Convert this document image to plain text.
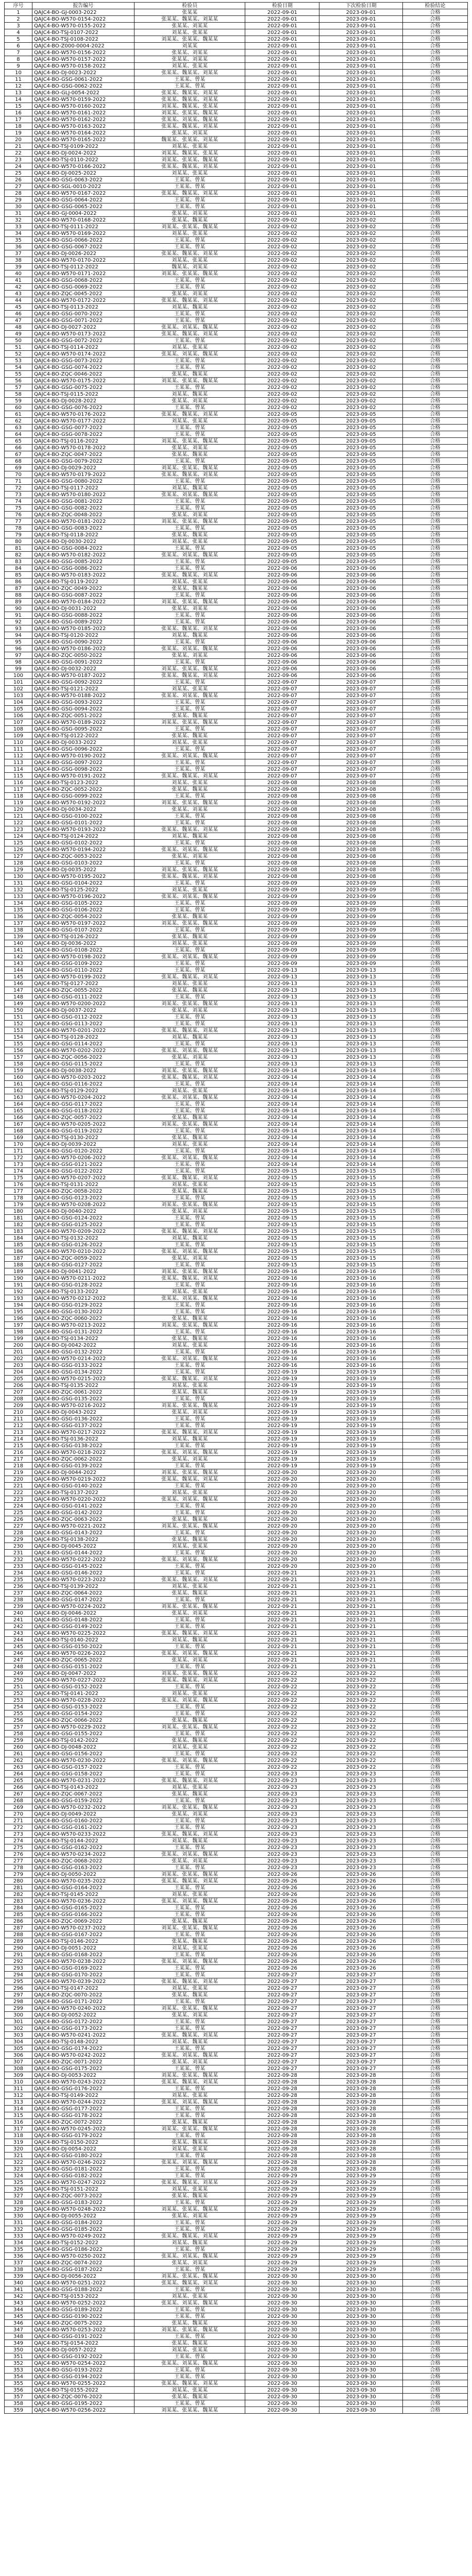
序号	报告编号	检验员	检验日期	下次检验日期	检验结论
1	QAJC4-BO-GJ-0003-2022	张某某	2022-09-01	2023-09-01	合格
2	QAJC4-BO-W570-0154-2022	张某某、魏某某、刘某某	2022-09-01	2023-09-01	合格
3	QAJC4-BO-W570-0155-2022	张某某、刘某某	2022-09-01	2023-09-01	合格
4	QAJC4-BO-TSJ-0107-2022	刘某某、张某某	2022-09-01	2023-09-01	合格
5	QAJC4-BO-TSJ-0108-2022	刘某某、张某某、魏某某	2022-09-01	2023-09-01	合格
6	QAJC4-BO-Z000-0004-2022	刘某某	2022-09-01	2023-09-01	合格
7	QAJC4-BO-W570-0156-2022	张某某、刘某某	2022-09-01	2023-09-01	合格
8	QAJC4-BO-W570-0157-2022	张某某、刘某某	2022-09-01	2023-09-01	合格
9	QAJC4-BO-W570-0158-2022	刘某某、张某某	2022-09-01	2023-09-01	合格
10	QAJC4-BO-DJ-0023-2022	张某某、魏某某、刘某某	2022-09-01	2023-09-01	合格
11	QAJC4-BO-GSG-0061-2022	王某某、曾某	2022-09-01	2023-09-01	合格
12	QAJC4-BO-GSG-0062-2022	王某某、曾某	2022-09-01	2023-09-01	合格
13	QAJC4-BO-GLJ-0054-2022	张某某、魏某某、刘某某	2022-09-01	2023-09-01	合格
14	QAJC4-BO-W570-0159-2022	张某某、魏某某、刘某某	2022-09-01	2023-09-01	合格
15	QAJC4-BO-W570-0160-2022	刘某某、魏某某、张某某	2022-09-01	2023-09-01	合格
16	QAJC4-BO-W570-0161-2022	刘某某、张某某、魏某某	2022-09-01	2023-09-01	合格
17	QAJC4-BO-W570-0162-2022	张某某、刘某某、魏某某	2022-09-01	2023-09-01	合格
18	QAJC4-BO-W570-0163-2022	张某某、魏某某、刘某某	2022-09-01	2023-09-01	合格
19	QAJC4-BO-W570-0164-2022	张某某、刘某某	2022-09-01	2023-09-01	合格
20	QAJC4-BO-W570-0165-2022	魏某某、张某某、刘某某	2022-09-01	2023-09-01	合格
21	QAJC4-BO-TSJ-0109-2022	刘某某、张某某	2022-09-01	2023-09-01	合格
22	QAJC4-BO-DJ-0024-2022	刘某某、魏某某、张某某	2022-09-01	2023-09-01	合格
23	QAJC4-BO-TSJ-0110-2022	刘某某、张某某、魏某某	2022-09-01	2023-09-01	合格
24	QAJC4-BO-W570-0166-2022	张某某、魏某某、刘某某	2022-09-01	2023-09-01	合格
25	QAJC4-BO-DJ-0025-2022	刘某某、张某某	2022-09-01	2023-09-01	合格
26	QAJC4-BO-GSG-0063-2022	王某某、曾某	2022-09-01	2023-09-01	合格
27	QAJC4-BO-SGL-0010-2022	王某某、曾某	2022-09-01	2023-09-01	合格
28	QAJC4-BO-W570-0167-2022	张某某、魏某某、刘某某	2022-09-01	2023-09-01	合格
29	QAJC4-BO-GSG-0064-2022	王某某、曾某	2022-09-01	2023-09-01	合格
30	QAJC4-BO-GSG-0065-2022	王某某、曾某	2022-09-01	2023-09-01	合格
31	QAJC4-BO-GJ-0004-2022	张某某、刘某某	2022-09-01	2023-09-01	合格
32	QAJC4-BO-W570-0168-2022	张某某、魏某某	2022-09-02	2023-09-02	合格
33	QAJC4-BO-TSJ-0111-2022	刘某某、张某某、魏某某	2022-09-02	2023-09-02	合格
34	QAJC4-BO-W570-0169-2022	刘某某、张某某	2022-09-02	2023-09-02	合格
35	QAJC4-BO-GSG-0066-2022	王某某、曾某	2022-09-02	2023-09-02	合格
36	QAJC4-BO-GSG-0067-2022	王某某、曾某	2022-09-02	2023-09-02	合格
37	QAJC4-BO-DJ-0026-2022	张某某、魏某某、刘某某	2022-09-02	2023-09-02	合格
38	QAJC4-BO-W570-0170-2022	刘某某、张某某	2022-09-02	2023-09-02	合格
39	QAJC4-BO-TSJ-0112-2022	魏某某、刘某某	2022-09-02	2023-09-02	合格
40	QAJC4-BO-W570-0171-2022	刘某某、张某某、魏某某	2022-09-02	2023-09-02	合格
41	QAJC4-BO-GSG-0068-2022	王某某、曾某	2022-09-02	2023-09-02	合格
42	QAJC4-BO-GSG-0069-2022	王某某、曾某	2022-09-02	2023-09-02	合格
43	QAJC4-BO-ZQC-0045-2022	张某某、刘某某	2022-09-02	2023-09-02	合格
44	QAJC4-BO-W570-0172-2022	张某某、魏某某、刘某某	2022-09-02	2023-09-02	合格
45	QAJC4-BO-TSJ-0113-2022	刘某某、魏某某	2022-09-02	2023-09-02	合格
46	QAJC4-BO-GSG-0070-2022	王某某、曾某	2022-09-02	2023-09-02	合格
47	QAJC4-BO-GSG-0071-2022	王某某、曾某	2022-09-02	2023-09-02	合格
48	QAJC4-BO-DJ-0027-2022	张某某、刘某某、魏某某	2022-09-02	2023-09-02	合格
49	QAJC4-BO-W570-0173-2022	张某某、魏某某、刘某某	2022-09-02	2023-09-02	合格
50	QAJC4-BO-GSG-0072-2022	王某某、曾某	2022-09-02	2023-09-02	合格
51	QAJC4-BO-TSJ-0114-2022	刘某某、张某某	2022-09-02	2023-09-02	合格
52	QAJC4-BO-W570-0174-2022	张某某、刘某某、魏某某	2022-09-02	2023-09-02	合格
53	QAJC4-BO-GSG-0073-2022	王某某、曾某	2022-09-02	2023-09-02	合格
54	QAJC4-BO-GSG-0074-2022	王某某、曾某	2022-09-02	2023-09-02	合格
55	QAJC4-BO-ZQC-0046-2022	张某某、魏某某	2022-09-02	2023-09-02	合格
56	QAJC4-BO-W570-0175-2022	刘某某、张某某、魏某某	2022-09-02	2023-09-02	合格
57	QAJC4-BO-GSG-0075-2022	王某某、曾某	2022-09-02	2023-09-02	合格
58	QAJC4-BO-TSJ-0115-2022	刘某某、魏某某	2022-09-02	2023-09-02	合格
59	QAJC4-BO-DJ-0028-2022	张某某、刘某某	2022-09-02	2023-09-02	合格
60	QAJC4-BO-GSG-0076-2022	王某某、曾某	2022-09-02	2023-09-02	合格
61	QAJC4-BO-W570-0176-2022	张某某、魏某某、刘某某	2022-09-05	2023-09-05	合格
62	QAJC4-BO-W570-0177-2022	刘某某、张某某	2022-09-05	2023-09-05	合格
63	QAJC4-BO-GSG-0077-2022	王某某、曾某	2022-09-05	2023-09-05	合格
64	QAJC4-BO-GSG-0078-2022	王某某、曾某	2022-09-05	2023-09-05	合格
65	QAJC4-BO-TSJ-0116-2022	刘某某、张某某、魏某某	2022-09-05	2023-09-05	合格
66	QAJC4-BO-W570-0178-2022	张某某、刘某某	2022-09-05	2023-09-05	合格
67	QAJC4-BO-ZQC-0047-2022	张某某、魏某某	2022-09-05	2023-09-05	合格
68	QAJC4-BO-GSG-0079-2022	王某某、曾某	2022-09-05	2023-09-05	合格
69	QAJC4-BO-DJ-0029-2022	刘某某、张某某、魏某某	2022-09-05	2023-09-05	合格
70	QAJC4-BO-W570-0179-2022	张某某、魏某某、刘某某	2022-09-05	2023-09-05	合格
71	QAJC4-BO-GSG-0080-2022	王某某、曾某	2022-09-05	2023-09-05	合格
72	QAJC4-BO-TSJ-0117-2022	刘某某、魏某某	2022-09-05	2023-09-05	合格
73	QAJC4-BO-W570-0180-2022	张某某、刘某某、魏某某	2022-09-05	2023-09-05	合格
74	QAJC4-BO-GSG-0081-2022	王某某、曾某	2022-09-05	2023-09-05	合格
75	QAJC4-BO-GSG-0082-2022	王某某、曾某	2022-09-05	2023-09-05	合格
76	QAJC4-BO-ZQC-0048-2022	张某某、刘某某	2022-09-05	2023-09-05	合格
77	QAJC4-BO-W570-0181-2022	刘某某、张某某、魏某某	2022-09-05	2023-09-05	合格
78	QAJC4-BO-GSG-0083-2022	王某某、曾某	2022-09-05	2023-09-05	合格
79	QAJC4-BO-TSJ-0118-2022	张某某、魏某某	2022-09-05	2023-09-05	合格
80	QAJC4-BO-DJ-0030-2022	刘某某、张某某	2022-09-05	2023-09-05	合格
81	QAJC4-BO-GSG-0084-2022	王某某、曾某	2022-09-05	2023-09-05	合格
82	QAJC4-BO-W570-0182-2022	张某某、刘某某、魏某某	2022-09-05	2023-09-05	合格
83	QAJC4-BO-GSG-0085-2022	王某某、曾某	2022-09-05	2023-09-05	合格
84	QAJC4-BO-GSG-0086-2022	王某某、曾某	2022-09-06	2023-09-06	合格
85	QAJC4-BO-W570-0183-2022	张某某、魏某某、刘某某	2022-09-06	2023-09-06	合格
86	QAJC4-BO-TSJ-0119-2022	刘某某、张某某	2022-09-06	2023-09-06	合格
87	QAJC4-BO-ZQC-0049-2022	张某某、魏某某	2022-09-06	2023-09-06	合格
88	QAJC4-BO-GSG-0087-2022	王某某、曾某	2022-09-06	2023-09-06	合格
89	QAJC4-BO-W570-0184-2022	刘某某、张某某、魏某某	2022-09-06	2023-09-06	合格
90	QAJC4-BO-DJ-0031-2022	张某某、刘某某	2022-09-06	2023-09-06	合格
91	QAJC4-BO-GSG-0088-2022	王某某、曾某	2022-09-06	2023-09-06	合格
92	QAJC4-BO-GSG-0089-2022	王某某、曾某	2022-09-06	2023-09-06	合格
93	QAJC4-BO-W570-0185-2022	张某某、魏某某、刘某某	2022-09-06	2023-09-06	合格
94	QAJC4-BO-TSJ-0120-2022	刘某某、魏某某	2022-09-06	2023-09-06	合格
95	QAJC4-BO-GSG-0090-2022	王某某、曾某	2022-09-06	2023-09-06	合格
96	QAJC4-BO-W570-0186-2022	张某某、刘某某、魏某某	2022-09-06	2023-09-06	合格
97	QAJC4-BO-ZQC-0050-2022	张某某、刘某某	2022-09-06	2023-09-06	合格
98	QAJC4-BO-GSG-0091-2022	王某某、曾某	2022-09-06	2023-09-06	合格
99	QAJC4-BO-DJ-0032-2022	刘某某、张某某、魏某某	2022-09-06	2023-09-06	合格
100	QAJC4-BO-W570-0187-2022	张某某、魏某某、刘某某	2022-09-06	2023-09-06	合格
101	QAJC4-BO-GSG-0092-2022	王某某、曾某	2022-09-07	2023-09-07	合格
102	QAJC4-BO-TSJ-0121-2022	刘某某、张某某	2022-09-07	2023-09-07	合格
103	QAJC4-BO-W570-0188-2022	张某某、刘某某、魏某某	2022-09-07	2023-09-07	合格
104	QAJC4-BO-GSG-0093-2022	王某某、曾某	2022-09-07	2023-09-07	合格
105	QAJC4-BO-GSG-0094-2022	王某某、曾某	2022-09-07	2023-09-07	合格
106	QAJC4-BO-ZQC-0051-2022	张某某、魏某某	2022-09-07	2023-09-07	合格
107	QAJC4-BO-W570-0189-2022	刘某某、张某某、魏某某	2022-09-07	2023-09-07	合格
108	QAJC4-BO-GSG-0095-2022	王某某、曾某	2022-09-07	2023-09-07	合格
109	QAJC4-BO-TSJ-0122-2022	张某某、魏某某	2022-09-07	2023-09-07	合格
110	QAJC4-BO-DJ-0033-2022	刘某某、张某某	2022-09-07	2023-09-07	合格
111	QAJC4-BO-GSG-0096-2022	王某某、曾某	2022-09-07	2023-09-07	合格
112	QAJC4-BO-W570-0190-2022	张某某、刘某某、魏某某	2022-09-07	2023-09-07	合格
113	QAJC4-BO-GSG-0097-2022	王某某、曾某	2022-09-07	2023-09-07	合格
114	QAJC4-BO-GSG-0098-2022	王某某、曾某	2022-09-07	2023-09-07	合格
115	QAJC4-BO-W570-0191-2022	张某某、魏某某、刘某某	2022-09-07	2023-09-07	合格
116	QAJC4-BO-TSJ-0123-2022	刘某某、张某某	2022-09-08	2023-09-08	合格
117	QAJC4-BO-ZQC-0052-2022	张某某、魏某某	2022-09-08	2023-09-08	合格
118	QAJC4-BO-GSG-0099-2022	王某某、曾某	2022-09-08	2023-09-08	合格
119	QAJC4-BO-W570-0192-2022	刘某某、张某某、魏某某	2022-09-08	2023-09-08	合格
120	QAJC4-BO-DJ-0034-2022	张某某、刘某某	2022-09-08	2023-09-08	合格
121	QAJC4-BO-GSG-0100-2022	王某某、曾某	2022-09-08	2023-09-08	合格
122	QAJC4-BO-GSG-0101-2022	王某某、曾某	2022-09-08	2023-09-08	合格
123	QAJC4-BO-W570-0193-2022	张某某、魏某某、刘某某	2022-09-08	2023-09-08	合格
124	QAJC4-BO-TSJ-0124-2022	刘某某、魏某某	2022-09-08	2023-09-08	合格
125	QAJC4-BO-GSG-0102-2022	王某某、曾某	2022-09-08	2023-09-08	合格
126	QAJC4-BO-W570-0194-2022	张某某、刘某某、魏某某	2022-09-08	2023-09-08	合格
127	QAJC4-BO-ZQC-0053-2022	张某某、刘某某	2022-09-08	2023-09-08	合格
128	QAJC4-BO-GSG-0103-2022	王某某、曾某	2022-09-08	2023-09-08	合格
129	QAJC4-BO-DJ-0035-2022	刘某某、张某某、魏某某	2022-09-08	2023-09-08	合格
130	QAJC4-BO-W570-0195-2022	张某某、魏某某、刘某某	2022-09-08	2023-09-08	合格
131	QAJC4-BO-GSG-0104-2022	王某某、曾某	2022-09-09	2023-09-09	合格
132	QAJC4-BO-TSJ-0125-2022	刘某某、张某某	2022-09-09	2023-09-09	合格
133	QAJC4-BO-W570-0196-2022	张某某、刘某某、魏某某	2022-09-09	2023-09-09	合格
134	QAJC4-BO-GSG-0105-2022	王某某、曾某	2022-09-09	2023-09-09	合格
135	QAJC4-BO-GSG-0106-2022	王某某、曾某	2022-09-09	2023-09-09	合格
136	QAJC4-BO-ZQC-0054-2022	张某某、魏某某	2022-09-09	2023-09-09	合格
137	QAJC4-BO-W570-0197-2022	刘某某、张某某、魏某某	2022-09-09	2023-09-09	合格
138	QAJC4-BO-GSG-0107-2022	王某某、曾某	2022-09-09	2023-09-09	合格
139	QAJC4-BO-TSJ-0126-2022	张某某、魏某某	2022-09-09	2023-09-09	合格
140	QAJC4-BO-DJ-0036-2022	刘某某、张某某	2022-09-09	2023-09-09	合格
141	QAJC4-BO-GSG-0108-2022	王某某、曾某	2022-09-09	2023-09-09	合格
142	QAJC4-BO-W570-0198-2022	张某某、刘某某、魏某某	2022-09-09	2023-09-09	合格
143	QAJC4-BO-GSG-0109-2022	王某某、曾某	2022-09-09	2023-09-09	合格
144	QAJC4-BO-GSG-0110-2022	王某某、曾某	2022-09-13	2023-09-13	合格
145	QAJC4-BO-W570-0199-2022	张某某、魏某某、刘某某	2022-09-13	2023-09-13	合格
146	QAJC4-BO-TSJ-0127-2022	刘某某、张某某	2022-09-13	2023-09-13	合格
147	QAJC4-BO-ZQC-0055-2022	张某某、魏某某	2022-09-13	2023-09-13	合格
148	QAJC4-BO-GSG-0111-2022	王某某、曾某	2022-09-13	2023-09-13	合格
149	QAJC4-BO-W570-0200-2022	刘某某、张某某、魏某某	2022-09-13	2023-09-13	合格
150	QAJC4-BO-DJ-0037-2022	张某某、刘某某	2022-09-13	2023-09-13	合格
151	QAJC4-BO-GSG-0112-2022	王某某、曾某	2022-09-13	2023-09-13	合格
152	QAJC4-BO-GSG-0113-2022	王某某、曾某	2022-09-13	2023-09-13	合格
153	QAJC4-BO-W570-0201-2022	张某某、魏某某、刘某某	2022-09-13	2023-09-13	合格
154	QAJC4-BO-TSJ-0128-2022	刘某某、魏某某	2022-09-13	2023-09-13	合格
155	QAJC4-BO-GSG-0114-2022	王某某、曾某	2022-09-13	2023-09-13	合格
156	QAJC4-BO-W570-0202-2022	张某某、刘某某、魏某某	2022-09-13	2023-09-13	合格
157	QAJC4-BO-ZQC-0056-2022	张某某、刘某某	2022-09-13	2023-09-13	合格
158	QAJC4-BO-GSG-0115-2022	王某某、曾某	2022-09-13	2023-09-13	合格
159	QAJC4-BO-DJ-0038-2022	刘某某、张某某、魏某某	2022-09-14	2023-09-14	合格
160	QAJC4-BO-W570-0203-2022	张某某、魏某某、刘某某	2022-09-14	2023-09-14	合格
161	QAJC4-BO-GSG-0116-2022	王某某、曾某	2022-09-14	2023-09-14	合格
162	QAJC4-BO-TSJ-0129-2022	刘某某、张某某	2022-09-14	2023-09-14	合格
163	QAJC4-BO-W570-0204-2022	张某某、刘某某、魏某某	2022-09-14	2023-09-14	合格
164	QAJC4-BO-GSG-0117-2022	王某某、曾某	2022-09-14	2023-09-14	合格
165	QAJC4-BO-GSG-0118-2022	王某某、曾某	2022-09-14	2023-09-14	合格
166	QAJC4-BO-ZQC-0057-2022	张某某、魏某某	2022-09-14	2023-09-14	合格
167	QAJC4-BO-W570-0205-2022	刘某某、张某某、魏某某	2022-09-14	2023-09-14	合格
168	QAJC4-BO-GSG-0119-2022	王某某、曾某	2022-09-14	2023-09-14	合格
169	QAJC4-BO-TSJ-0130-2022	张某某、魏某某	2022-09-14	2023-09-14	合格
170	QAJC4-BO-DJ-0039-2022	刘某某、张某某	2022-09-14	2023-09-14	合格
171	QAJC4-BO-GSG-0120-2022	王某某、曾某	2022-09-14	2023-09-14	合格
172	QAJC4-BO-W570-0206-2022	张某某、刘某某、魏某某	2022-09-14	2023-09-14	合格
173	QAJC4-BO-GSG-0121-2022	王某某、曾某	2022-09-14	2023-09-14	合格
174	QAJC4-BO-GSG-0122-2022	王某某、曾某	2022-09-15	2023-09-15	合格
175	QAJC4-BO-W570-0207-2022	张某某、魏某某、刘某某	2022-09-15	2023-09-15	合格
176	QAJC4-BO-TSJ-0131-2022	刘某某、张某某	2022-09-15	2023-09-15	合格
177	QAJC4-BO-ZQC-0058-2022	张某某、魏某某	2022-09-15	2023-09-15	合格
178	QAJC4-BO-GSG-0123-2022	王某某、曾某	2022-09-15	2023-09-15	合格
179	QAJC4-BO-W570-0208-2022	刘某某、张某某、魏某某	2022-09-15	2023-09-15	合格
180	QAJC4-BO-DJ-0040-2022	张某某、刘某某	2022-09-15	2023-09-15	合格
181	QAJC4-BO-GSG-0124-2022	王某某、曾某	2022-09-15	2023-09-15	合格
182	QAJC4-BO-GSG-0125-2022	王某某、曾某	2022-09-15	2023-09-15	合格
183	QAJC4-BO-W570-0209-2022	张某某、魏某某、刘某某	2022-09-15	2023-09-15	合格
184	QAJC4-BO-TSJ-0132-2022	刘某某、魏某某	2022-09-15	2023-09-15	合格
185	QAJC4-BO-GSG-0126-2022	王某某、曾某	2022-09-15	2023-09-15	合格
186	QAJC4-BO-W570-0210-2022	张某某、刘某某、魏某某	2022-09-15	2023-09-15	合格
187	QAJC4-BO-ZQC-0059-2022	张某某、刘某某	2022-09-15	2023-09-15	合格
188	QAJC4-BO-GSG-0127-2022	王某某、曾某	2022-09-15	2023-09-15	合格
189	QAJC4-BO-DJ-0041-2022	刘某某、张某某、魏某某	2022-09-16	2023-09-16	合格
190	QAJC4-BO-W570-0211-2022	张某某、魏某某、刘某某	2022-09-16	2023-09-16	合格
191	QAJC4-BO-GSG-0128-2022	王某某、曾某	2022-09-16	2023-09-16	合格
192	QAJC4-BO-TSJ-0133-2022	刘某某、张某某	2022-09-16	2023-09-16	合格
193	QAJC4-BO-W570-0212-2022	张某某、刘某某、魏某某	2022-09-16	2023-09-16	合格
194	QAJC4-BO-GSG-0129-2022	王某某、曾某	2022-09-16	2023-09-16	合格
195	QAJC4-BO-GSG-0130-2022	王某某、曾某	2022-09-16	2023-09-16	合格
196	QAJC4-BO-ZQC-0060-2022	张某某、魏某某	2022-09-16	2023-09-16	合格
197	QAJC4-BO-W570-0213-2022	刘某某、张某某、魏某某	2022-09-16	2023-09-16	合格
198	QAJC4-BO-GSG-0131-2022	王某某、曾某	2022-09-16	2023-09-16	合格
199	QAJC4-BO-TSJ-0134-2022	张某某、魏某某	2022-09-16	2023-09-16	合格
200	QAJC4-BO-DJ-0042-2022	刘某某、张某某	2022-09-16	2023-09-16	合格
201	QAJC4-BO-GSG-0132-2022	王某某、曾某	2022-09-16	2023-09-16	合格
202	QAJC4-BO-W570-0214-2022	张某某、刘某某、魏某某	2022-09-16	2023-09-16	合格
203	QAJC4-BO-GSG-0133-2022	王某某、曾某	2022-09-16	2023-09-16	合格
204	QAJC4-BO-GSG-0134-2022	王某某、曾某	2022-09-19	2023-09-19	合格
205	QAJC4-BO-W570-0215-2022	张某某、魏某某、刘某某	2022-09-19	2023-09-19	合格
206	QAJC4-BO-TSJ-0135-2022	刘某某、张某某	2022-09-19	2023-09-19	合格
207	QAJC4-BO-ZQC-0061-2022	张某某、魏某某	2022-09-19	2023-09-19	合格
208	QAJC4-BO-GSG-0135-2022	王某某、曾某	2022-09-19	2023-09-19	合格
209	QAJC4-BO-W570-0216-2022	刘某某、张某某、魏某某	2022-09-19	2023-09-19	合格
210	QAJC4-BO-DJ-0043-2022	张某某、刘某某	2022-09-19	2023-09-19	合格
211	QAJC4-BO-GSG-0136-2022	王某某、曾某	2022-09-19	2023-09-19	合格
212	QAJC4-BO-GSG-0137-2022	王某某、曾某	2022-09-19	2023-09-19	合格
213	QAJC4-BO-W570-0217-2022	张某某、魏某某、刘某某	2022-09-19	2023-09-19	合格
214	QAJC4-BO-TSJ-0136-2022	刘某某、魏某某	2022-09-19	2023-09-19	合格
215	QAJC4-BO-GSG-0138-2022	王某某、曾某	2022-09-19	2023-09-19	合格
216	QAJC4-BO-W570-0218-2022	张某某、刘某某、魏某某	2022-09-19	2023-09-19	合格
217	QAJC4-BO-ZQC-0062-2022	张某某、刘某某	2022-09-19	2023-09-19	合格
218	QAJC4-BO-GSG-0139-2022	王某某、曾某	2022-09-19	2023-09-19	合格
219	QAJC4-BO-DJ-0044-2022	刘某某、张某某、魏某某	2022-09-20	2023-09-20	合格
220	QAJC4-BO-W570-0219-2022	张某某、魏某某、刘某某	2022-09-20	2023-09-20	合格
221	QAJC4-BO-GSG-0140-2022	王某某、曾某	2022-09-20	2023-09-20	合格
222	QAJC4-BO-TSJ-0137-2022	刘某某、张某某	2022-09-20	2023-09-20	合格
223	QAJC4-BO-W570-0220-2022	张某某、刘某某、魏某某	2022-09-20	2023-09-20	合格
224	QAJC4-BO-GSG-0141-2022	王某某、曾某	2022-09-20	2023-09-20	合格
225	QAJC4-BO-GSG-0142-2022	王某某、曾某	2022-09-20	2023-09-20	合格
226	QAJC4-BO-ZQC-0063-2022	张某某、魏某某	2022-09-20	2023-09-20	合格
227	QAJC4-BO-W570-0221-2022	刘某某、张某某、魏某某	2022-09-20	2023-09-20	合格
228	QAJC4-BO-GSG-0143-2022	王某某、曾某	2022-09-20	2023-09-20	合格
229	QAJC4-BO-TSJ-0138-2022	张某某、魏某某	2022-09-20	2023-09-20	合格
230	QAJC4-BO-DJ-0045-2022	刘某某、张某某	2022-09-20	2023-09-20	合格
231	QAJC4-BO-GSG-0144-2022	王某某、曾某	2022-09-20	2023-09-20	合格
232	QAJC4-BO-W570-0222-2022	张某某、刘某某、魏某某	2022-09-20	2023-09-20	合格
233	QAJC4-BO-GSG-0145-2022	王某某、曾某	2022-09-20	2023-09-20	合格
234	QAJC4-BO-GSG-0146-2022	王某某、曾某	2022-09-21	2023-09-21	合格
235	QAJC4-BO-W570-0223-2022	张某某、魏某某、刘某某	2022-09-21	2023-09-21	合格
236	QAJC4-BO-TSJ-0139-2022	刘某某、张某某	2022-09-21	2023-09-21	合格
237	QAJC4-BO-ZQC-0064-2022	张某某、魏某某	2022-09-21	2023-09-21	合格
238	QAJC4-BO-GSG-0147-2022	王某某、曾某	2022-09-21	2023-09-21	合格
239	QAJC4-BO-W570-0224-2022	刘某某、张某某、魏某某	2022-09-21	2023-09-21	合格
240	QAJC4-BO-DJ-0046-2022	张某某、刘某某	2022-09-21	2023-09-21	合格
241	QAJC4-BO-GSG-0148-2022	王某某、曾某	2022-09-21	2023-09-21	合格
242	QAJC4-BO-GSG-0149-2022	王某某、曾某	2022-09-21	2023-09-21	合格
243	QAJC4-BO-W570-0225-2022	张某某、魏某某、刘某某	2022-09-21	2023-09-21	合格
244	QAJC4-BO-TSJ-0140-2022	刘某某、魏某某	2022-09-21	2023-09-21	合格
245	QAJC4-BO-GSG-0150-2022	王某某、曾某	2022-09-21	2023-09-21	合格
246	QAJC4-BO-W570-0226-2022	张某某、刘某某、魏某某	2022-09-21	2023-09-21	合格
247	QAJC4-BO-ZQC-0065-2022	张某某、刘某某	2022-09-21	2023-09-21	合格
248	QAJC4-BO-GSG-0151-2022	王某某、曾某	2022-09-21	2023-09-21	合格
249	QAJC4-BO-DJ-0047-2022	刘某某、张某某、魏某某	2022-09-22	2023-09-22	合格
250	QAJC4-BO-W570-0227-2022	张某某、魏某某、刘某某	2022-09-22	2023-09-22	合格
251	QAJC4-BO-GSG-0152-2022	王某某、曾某	2022-09-22	2023-09-22	合格
252	QAJC4-BO-TSJ-0141-2022	刘某某、张某某	2022-09-22	2023-09-22	合格
253	QAJC4-BO-W570-0228-2022	张某某、刘某某、魏某某	2022-09-22	2023-09-22	合格
254	QAJC4-BO-GSG-0153-2022	王某某、曾某	2022-09-22	2023-09-22	合格
255	QAJC4-BO-GSG-0154-2022	王某某、曾某	2022-09-22	2023-09-22	合格
256	QAJC4-BO-ZQC-0066-2022	张某某、魏某某	2022-09-22	2023-09-22	合格
257	QAJC4-BO-W570-0229-2022	刘某某、张某某、魏某某	2022-09-22	2023-09-22	合格
258	QAJC4-BO-GSG-0155-2022	王某某、曾某	2022-09-22	2023-09-22	合格
259	QAJC4-BO-TSJ-0142-2022	张某某、魏某某	2022-09-22	2023-09-22	合格
260	QAJC4-BO-DJ-0048-2022	刘某某、张某某	2022-09-22	2023-09-22	合格
261	QAJC4-BO-GSG-0156-2022	王某某、曾某	2022-09-22	2023-09-22	合格
262	QAJC4-BO-W570-0230-2022	张某某、刘某某、魏某某	2022-09-22	2023-09-22	合格
263	QAJC4-BO-GSG-0157-2022	王某某、曾某	2022-09-22	2023-09-22	合格
264	QAJC4-BO-GSG-0158-2022	王某某、曾某	2022-09-23	2023-09-23	合格
265	QAJC4-BO-W570-0231-2022	张某某、魏某某、刘某某	2022-09-23	2023-09-23	合格
266	QAJC4-BO-TSJ-0143-2022	刘某某、张某某	2022-09-23	2023-09-23	合格
267	QAJC4-BO-ZQC-0067-2022	张某某、魏某某	2022-09-23	2023-09-23	合格
268	QAJC4-BO-GSG-0159-2022	王某某、曾某	2022-09-23	2023-09-23	合格
269	QAJC4-BO-W570-0232-2022	刘某某、张某某、魏某某	2022-09-23	2023-09-23	合格
270	QAJC4-BO-DJ-0049-2022	张某某、刘某某	2022-09-23	2023-09-23	合格
271	QAJC4-BO-GSG-0160-2022	王某某、曾某	2022-09-23	2023-09-23	合格
272	QAJC4-BO-GSG-0161-2022	王某某、曾某	2022-09-23	2023-09-23	合格
273	QAJC4-BO-W570-0233-2022	张某某、魏某某、刘某某	2022-09-23	2023-09-23	合格
274	QAJC4-BO-TSJ-0144-2022	刘某某、魏某某	2022-09-23	2023-09-23	合格
275	QAJC4-BO-GSG-0162-2022	王某某、曾某	2022-09-23	2023-09-23	合格
276	QAJC4-BO-W570-0234-2022	张某某、刘某某、魏某某	2022-09-23	2023-09-23	合格
277	QAJC4-BO-ZQC-0068-2022	张某某、刘某某	2022-09-23	2023-09-23	合格
278	QAJC4-BO-GSG-0163-2022	王某某、曾某	2022-09-23	2023-09-23	合格
279	QAJC4-BO-DJ-0050-2022	刘某某、张某某、魏某某	2022-09-26	2023-09-26	合格
280	QAJC4-BO-W570-0235-2022	张某某、魏某某、刘某某	2022-09-26	2023-09-26	合格
281	QAJC4-BO-GSG-0164-2022	王某某、曾某	2022-09-26	2023-09-26	合格
282	QAJC4-BO-TSJ-0145-2022	刘某某、张某某	2022-09-26	2023-09-26	合格
283	QAJC4-BO-W570-0236-2022	张某某、刘某某、魏某某	2022-09-26	2023-09-26	合格
284	QAJC4-BO-GSG-0165-2022	王某某、曾某	2022-09-26	2023-09-26	合格
285	QAJC4-BO-GSG-0166-2022	王某某、曾某	2022-09-26	2023-09-26	合格
286	QAJC4-BO-ZQC-0069-2022	张某某、魏某某	2022-09-26	2023-09-26	合格
287	QAJC4-BO-W570-0237-2022	刘某某、张某某、魏某某	2022-09-26	2023-09-26	合格
288	QAJC4-BO-GSG-0167-2022	王某某、曾某	2022-09-26	2023-09-26	合格
289	QAJC4-BO-TSJ-0146-2022	张某某、魏某某	2022-09-26	2023-09-26	合格
290	QAJC4-BO-DJ-0051-2022	刘某某、张某某	2022-09-26	2023-09-26	合格
291	QAJC4-BO-GSG-0168-2022	王某某、曾某	2022-09-26	2023-09-26	合格
292	QAJC4-BO-W570-0238-2022	张某某、刘某某、魏某某	2022-09-26	2023-09-26	合格
293	QAJC4-BO-GSG-0169-2022	王某某、曾某	2022-09-26	2023-09-26	合格
294	QAJC4-BO-GSG-0170-2022	王某某、曾某	2022-09-27	2023-09-27	合格
295	QAJC4-BO-W570-0239-2022	张某某、魏某某、刘某某	2022-09-27	2023-09-27	合格
296	QAJC4-BO-TSJ-0147-2022	刘某某、张某某	2022-09-27	2023-09-27	合格
297	QAJC4-BO-ZQC-0070-2022	张某某、魏某某	2022-09-27	2023-09-27	合格
298	QAJC4-BO-GSG-0171-2022	王某某、曾某	2022-09-27	2023-09-27	合格
299	QAJC4-BO-W570-0240-2022	刘某某、张某某、魏某某	2022-09-27	2023-09-27	合格
300	QAJC4-BO-DJ-0052-2022	张某某、刘某某	2022-09-27	2023-09-27	合格
301	QAJC4-BO-GSG-0172-2022	王某某、曾某	2022-09-27	2023-09-27	合格
302	QAJC4-BO-GSG-0173-2022	王某某、曾某	2022-09-27	2023-09-27	合格
303	QAJC4-BO-W570-0241-2022	张某某、魏某某、刘某某	2022-09-27	2023-09-27	合格
304	QAJC4-BO-TSJ-0148-2022	刘某某、魏某某	2022-09-27	2023-09-27	合格
305	QAJC4-BO-GSG-0174-2022	王某某、曾某	2022-09-27	2023-09-27	合格
306	QAJC4-BO-W570-0242-2022	张某某、刘某某、魏某某	2022-09-27	2023-09-27	合格
307	QAJC4-BO-ZQC-0071-2022	张某某、刘某某	2022-09-27	2023-09-27	合格
308	QAJC4-BO-GSG-0175-2022	王某某、曾某	2022-09-27	2023-09-27	合格
309	QAJC4-BO-DJ-0053-2022	刘某某、张某某、魏某某	2022-09-28	2023-09-28	合格
310	QAJC4-BO-W570-0243-2022	张某某、魏某某、刘某某	2022-09-28	2023-09-28	合格
311	QAJC4-BO-GSG-0176-2022	王某某、曾某	2022-09-28	2023-09-28	合格
312	QAJC4-BO-TSJ-0149-2022	刘某某、张某某	2022-09-28	2023-09-28	合格
313	QAJC4-BO-W570-0244-2022	张某某、刘某某、魏某某	2022-09-28	2023-09-28	合格
314	QAJC4-BO-GSG-0177-2022	王某某、曾某	2022-09-28	2023-09-28	合格
315	QAJC4-BO-GSG-0178-2022	王某某、曾某	2022-09-28	2023-09-28	合格
316	QAJC4-BO-ZQC-0072-2022	张某某、魏某某	2022-09-28	2023-09-28	合格
317	QAJC4-BO-W570-0245-2022	刘某某、张某某、魏某某	2022-09-28	2023-09-28	合格
318	QAJC4-BO-GSG-0179-2022	王某某、曾某	2022-09-28	2023-09-28	合格
319	QAJC4-BO-TSJ-0150-2022	张某某、魏某某	2022-09-28	2023-09-28	合格
320	QAJC4-BO-DJ-0054-2022	刘某某、张某某	2022-09-28	2023-09-28	合格
321	QAJC4-BO-GSG-0180-2022	王某某、曾某	2022-09-28	2023-09-28	合格
322	QAJC4-BO-W570-0246-2022	张某某、刘某某、魏某某	2022-09-28	2023-09-28	合格
323	QAJC4-BO-GSG-0181-2022	王某某、曾某	2022-09-28	2023-09-28	合格
324	QAJC4-BO-GSG-0182-2022	王某某、曾某	2022-09-29	2023-09-29	合格
325	QAJC4-BO-W570-0247-2022	张某某、魏某某、刘某某	2022-09-29	2023-09-29	合格
326	QAJC4-BO-TSJ-0151-2022	刘某某、张某某	2022-09-29	2023-09-29	合格
327	QAJC4-BO-ZQC-0073-2022	张某某、魏某某	2022-09-29	2023-09-29	合格
328	QAJC4-BO-GSG-0183-2022	王某某、曾某	2022-09-29	2023-09-29	合格
329	QAJC4-BO-W570-0248-2022	刘某某、张某某、魏某某	2022-09-29	2023-09-29	合格
330	QAJC4-BO-DJ-0055-2022	张某某、刘某某	2022-09-29	2023-09-29	合格
331	QAJC4-BO-GSG-0184-2022	王某某、曾某	2022-09-29	2023-09-29	合格
332	QAJC4-BO-GSG-0185-2022	王某某、曾某	2022-09-29	2023-09-29	合格
333	QAJC4-BO-W570-0249-2022	张某某、魏某某、刘某某	2022-09-29	2023-09-29	合格
334	QAJC4-BO-TSJ-0152-2022	刘某某、魏某某	2022-09-29	2023-09-29	合格
335	QAJC4-BO-GSG-0186-2022	王某某、曾某	2022-09-29	2023-09-29	合格
336	QAJC4-BO-W570-0250-2022	张某某、刘某某、魏某某	2022-09-29	2023-09-29	合格
337	QAJC4-BO-ZQC-0074-2022	张某某、刘某某	2022-09-29	2023-09-29	合格
338	QAJC4-BO-GSG-0187-2022	王某某、曾某	2022-09-29	2023-09-29	合格
339	QAJC4-BO-DJ-0056-2022	刘某某、张某某、魏某某	2022-09-30	2023-09-30	合格
340	QAJC4-BO-W570-0251-2022	张某某、魏某某、刘某某	2022-09-30	2023-09-30	合格
341	QAJC4-BO-GSG-0188-2022	王某某、曾某	2022-09-30	2023-09-30	合格
342	QAJC4-BO-TSJ-0153-2022	刘某某、张某某	2022-09-30	2023-09-30	合格
343	QAJC4-BO-W570-0252-2022	张某某、刘某某、魏某某	2022-09-30	2023-09-30	合格
344	QAJC4-BO-GSG-0189-2022	王某某、曾某	2022-09-30	2023-09-30	合格
345	QAJC4-BO-GSG-0190-2022	王某某、曾某	2022-09-30	2023-09-30	合格
346	QAJC4-BO-ZQC-0075-2022	张某某、魏某某	2022-09-30	2023-09-30	合格
347	QAJC4-BO-W570-0253-2022	刘某某、张某某、魏某某	2022-09-30	2023-09-30	合格
348	QAJC4-BO-GSG-0191-2022	王某某、曾某	2022-09-30	2023-09-30	合格
349	QAJC4-BO-TSJ-0154-2022	张某某、魏某某	2022-09-30	2023-09-30	合格
350	QAJC4-BO-DJ-0057-2022	刘某某、张某某	2022-09-30	2023-09-30	合格
351	QAJC4-BO-GSG-0192-2022	王某某、曾某	2022-09-30	2023-09-30	合格
352	QAJC4-BO-W570-0254-2022	张某某、刘某某、魏某某	2022-09-30	2023-09-30	合格
353	QAJC4-BO-GSG-0193-2022	王某某、曾某	2022-09-30	2023-09-30	合格
354	QAJC4-BO-GSG-0194-2022	王某某、曾某	2022-09-30	2023-09-30	合格
355	QAJC4-BO-W570-0255-2022	张某某、魏某某、刘某某	2022-09-30	2023-09-30	合格
356	QAJC4-BO-TSJ-0155-2022	刘某某、张某某	2022-09-30	2023-09-30	合格
357	QAJC4-BO-ZQC-0076-2022	张某某、魏某某	2022-09-30	2023-09-30	合格
358	QAJC4-BO-GSG-0195-2022	王某某、曾某	2022-09-30	2023-09-30	合格
359	QAJC4-BO-W570-0256-2022	刘某某、张某某、魏某某	2022-09-30	2023-09-30	合格
